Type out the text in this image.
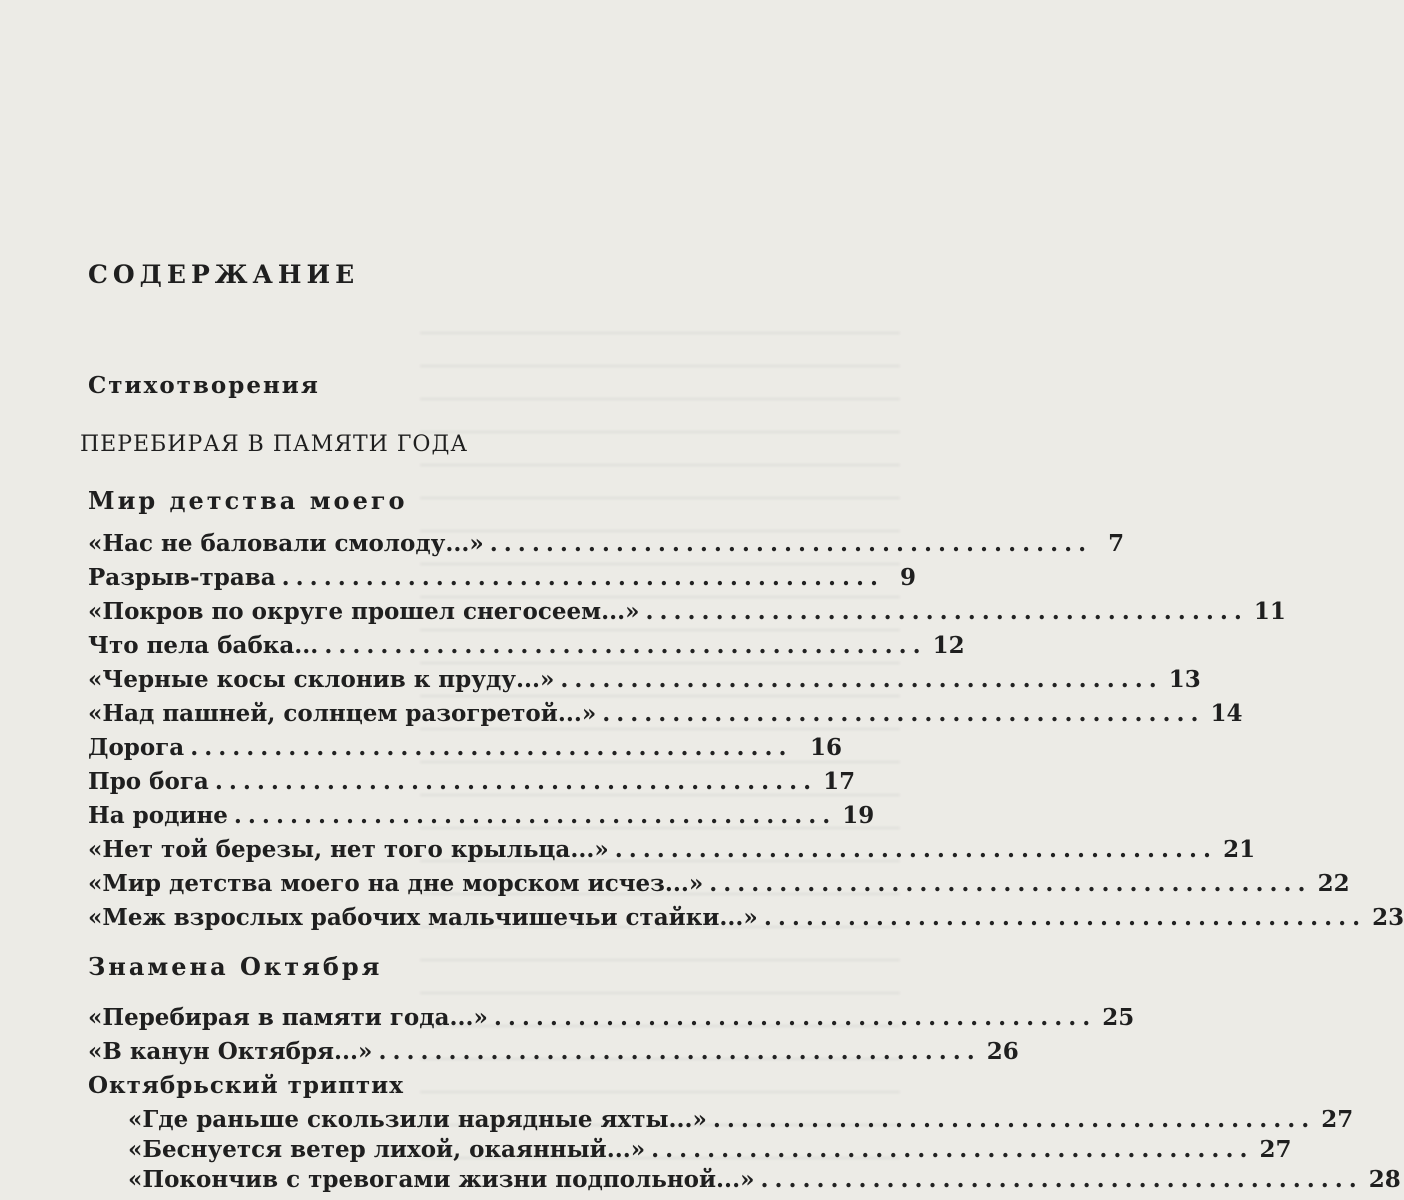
СОДЕРЖАНИЕ
Стихотворения
ПЕРЕБИРАЯ В ПАМЯТИ ГОДА
Мир детства моего
«Нас не баловали смолоду...» ........................................... 7
Разрыв-трава ........................................... 9
«Покров по округе прошел снегосеем...» ........................................... 11
Что пела бабка... ........................................... 12
«Черные косы склонив к пруду...» ........................................... 13
«Над пашней, солнцем разогретой...» ........................................... 14
Дорога ........................................... 16
Про бога ........................................... 17
На родине ........................................... 19
«Нет той березы, нет того крыльца...» ........................................... 21
«Мир детства моего на дне морском исчез...» ........................................... 22
«Меж взрослых рабочих мальчишечьи стайки...» ........................................... 23
Знамена Октября
«Перебирая в памяти года...» ........................................... 25
«В канун Октября...» ........................................... 26
Октябрьский триптих
«Где раньше скользили нарядные яхты...» ........................................... 27
«Беснуется ветер лихой, окаянный...» ........................................... 27
«Покончив с тревогами жизни подпольной...» ........................................... 28
